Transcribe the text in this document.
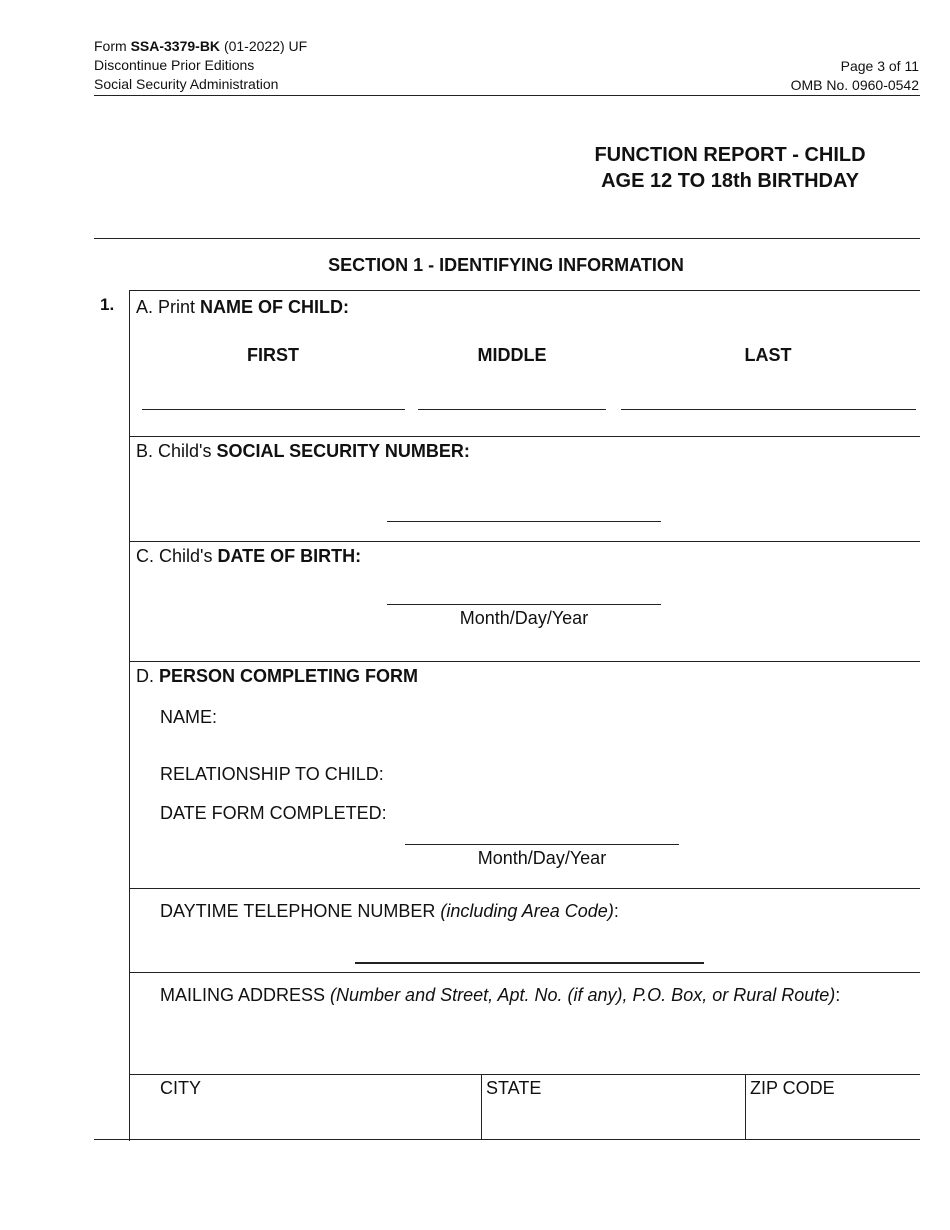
Form SSA-3379-BK (01-2022) UF
Discontinue Prior Editions
Social Security Administration
Page 3 of 11
OMB No. 0960-0542
FUNCTION REPORT - CHILD
AGE 12 TO 18th BIRTHDAY
SECTION 1 - IDENTIFYING INFORMATION
1. A. Print NAME OF CHILD:
FIRST	MIDDLE	LAST
B. Child's SOCIAL SECURITY NUMBER:
C. Child's DATE OF BIRTH:
Month/Day/Year
D. PERSON COMPLETING FORM
NAME:
RELATIONSHIP TO CHILD:
DATE FORM COMPLETED:
Month/Day/Year
DAYTIME TELEPHONE NUMBER (including Area Code):
MAILING ADDRESS (Number and Street, Apt. No. (if any), P.O. Box, or Rural Route):
CITY	STATE	ZIP CODE
